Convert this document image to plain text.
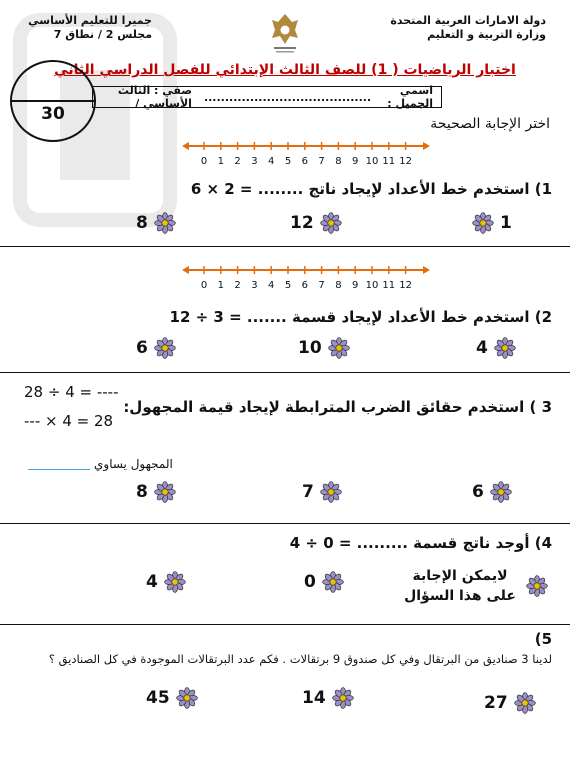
دولة الامارات العربية المتحدة
وزارة التربية و التعليم
جميرا للتعليم الأساسي
مجلس 2 / نطاق 7
اختبار الرياضيات ( 1) للصف الثالث الإبتدائي للفصل الدراسي الثاني
30
اسمي الجميل :
........................................
صفي : الثالث الأساسي /
اختر الإجابة الصحيحة
0 1 2 3 4 5 6 7 8 9 10 11 12
1) استخدم خط الأعداد لإيجاد ناتج ........ = 2 × 6
1
12
8
0 1 2 3 4 5 6 7 8 9 10 11 12
2) استخدم خط الأعداد لإيجاد قسمة ....... = 3 ÷ 12
4
10
6
28 ÷ 4 = ----
--- × 4 = 28
3 ) استخدم حقائق الضرب المترابطة لإيجاد قيمة المجهول:
المجهول يساوي
6
7
8
4) أوجد ناتج قسمة ......... = 0 ÷ 4
لايمكن الإجابة على هذا السؤال
0
4
5)
لدينا 3 صناديق من البرتقال وفي كل صندوق 9 برتقالات . فكم عدد البرتقالات الموجودة في كل الصناديق ؟
27
14
45
